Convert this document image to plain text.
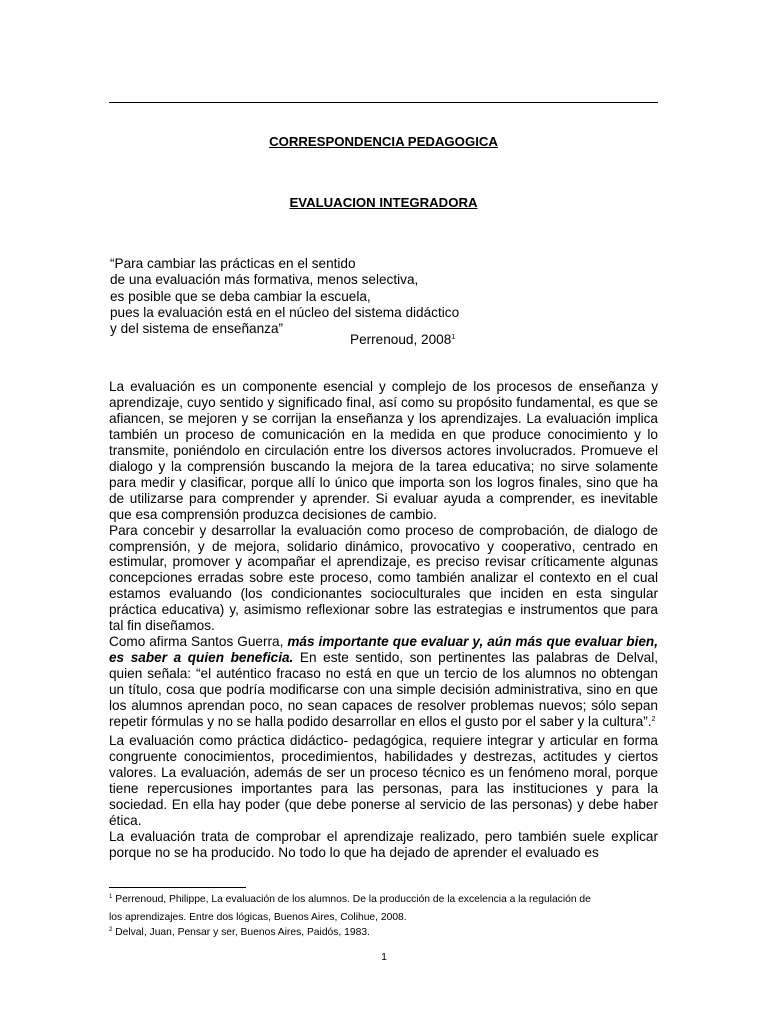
CORRESPONDENCIA PEDAGOGICA
EVALUACION INTEGRADORA
“Para cambiar las prácticas en el sentido
de una evaluación más formativa, menos selectiva,
es posible que se deba cambiar la escuela,
pues la evaluación está en el núcleo del sistema didáctico
y del sistema de enseñanza”
Perrenoud, 2008$^1$

La evaluación es un componente esencial y complejo de los procesos de enseñanza y aprendizaje, cuyo sentido y significado final, así como su propósito fundamental, es que se afiancen, se mejoren y se corrijan la enseñanza y los aprendizajes. La evaluación implica también un proceso de comunicación en la medida en que produce conocimiento y lo transmite, poniéndolo en circulación entre los diversos actores involucrados. Promueve el dialogo y la comprensión buscando la mejora de la tarea educativa; no sirve solamente para medir y clasificar, porque allí lo único que importa son los logros finales, sino que ha de utilizarse para comprender y aprender. Si evaluar ayuda a comprender, es inevitable que esa comprensión produzca decisiones de cambio.

Para concebir y desarrollar la evaluación como proceso de comprobación, de dialogo de comprensión, y de mejora, solidario dinámico, provocativo y cooperativo, centrado en estimular, promover y acompañar el aprendizaje, es preciso revisar críticamente algunas concepciones erradas sobre este proceso, como también analizar el contexto en el cual estamos evaluando (los condicionantes socioculturales que inciden en esta singular práctica educativa) y, asimismo reflexionar sobre las estrategias e instrumentos que para tal fin diseñamos.

Como afirma Santos Guerra, más importante que evaluar y, aún más que evaluar bien, es saber a quien beneficia. En este sentido, son pertinentes las palabras de Delval, quien señala: “el auténtico fracaso no está en que un tercio de los alumnos no obtengan un título, cosa que podría modificarse con una simple decisión administrativa, sino en que los alumnos aprendan poco, no sean capaces de resolver problemas nuevos; sólo sepan repetir fórmulas y no se halla podido desarrollar en ellos el gusto por el saber y la cultura”.$^2$

La evaluación como práctica didáctico- pedagógica, requiere integrar y articular en forma congruente conocimientos, procedimientos, habilidades y destrezas, actitudes y ciertos valores. La evaluación, además de ser un proceso técnico es un fenómeno moral, porque tiene repercusiones importantes para las personas, para las instituciones y para la sociedad. En ella hay poder (que debe ponerse al servicio de las personas) y debe haber ética.

La evaluación trata de comprobar el aprendizaje realizado, pero también suele explicar porque no se ha producido. No todo lo que ha dejado de aprender el evaluado es

$^1$ Perrenoud, Philippe, La evaluación de los alumnos. De la producción de la excelencia a la regulación de
los aprendizajes. Entre dos lógicas, Buenos Aires, Colihue, 2008.
$^2$ Delval, Juan, Pensar y ser, Buenos Aires, Paidós, 1983.
1
